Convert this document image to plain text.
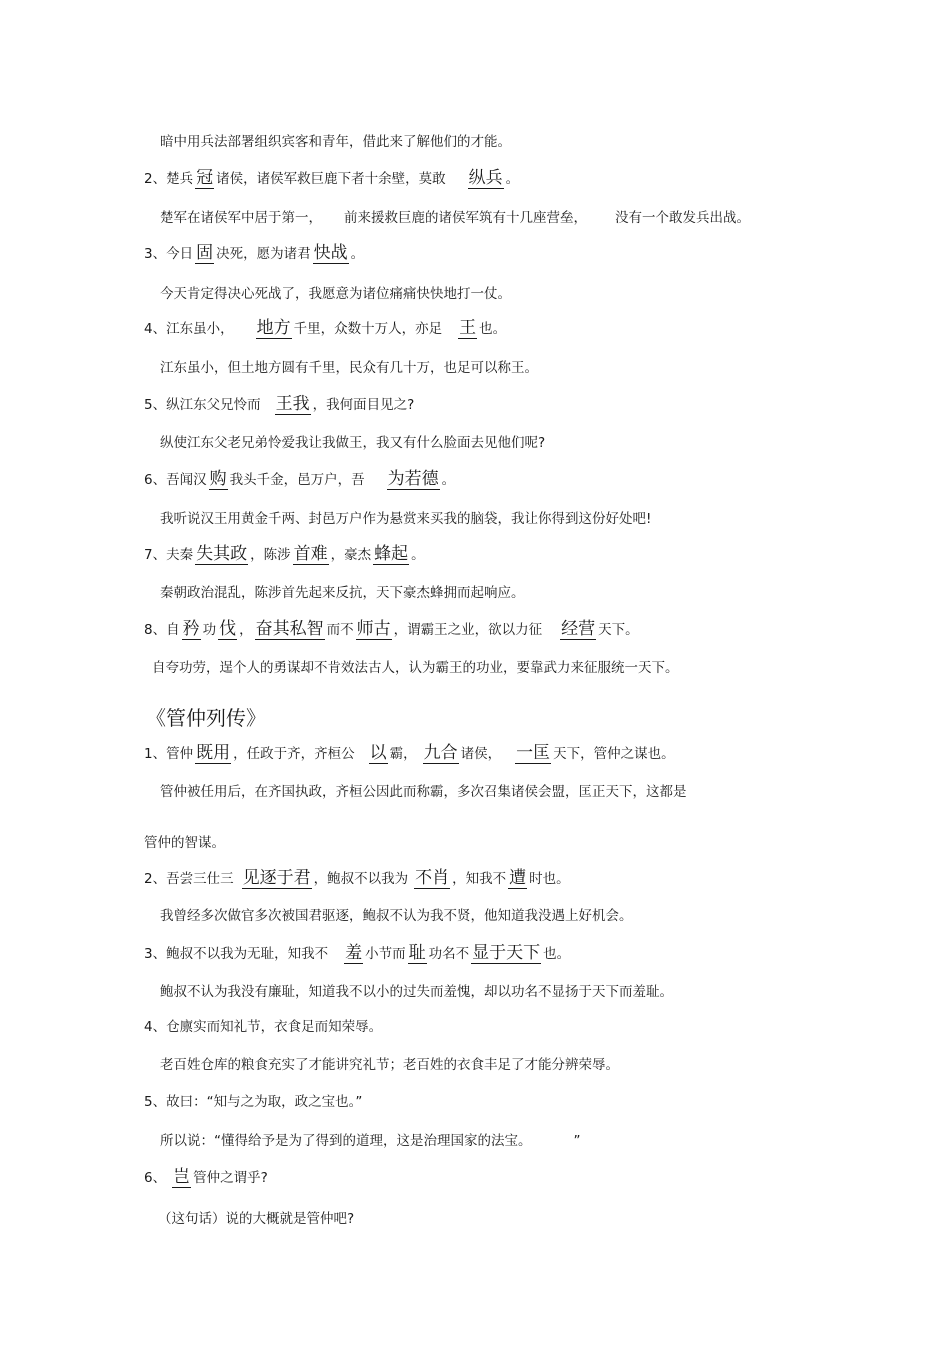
暗中用兵法部署组织宾客和青年，借此来了解他们的才能。
2、楚兵冠 诸侯，诸侯军救巨鹿下者十余壁，莫敢纵兵 。
楚军在诸侯军中居于第一， 前来援救巨鹿的诸侯军筑有十几座营垒， 没有一个敢发兵出战。
3、今日固 决死，愿为诸君快战 。
今天肯定得决心死战了，我愿意为诸位痛痛快快地打一仗。
4、江东虽小， 地方 千里，众数十万人，亦足王 也。
江东虽小，但土地方圆有千里，民众有几十万，也足可以称王。
5、纵江东父兄怜而王我 ，我何面目见之?
纵使江东父老兄弟怜爱我让我做王，我又有什么脸面去见他们呢?
6、吾闻汉购 我头千金，邑万户，吾为若德 。
我听说汉王用黄金千两、封邑万户作为悬赏来买我的脑袋，我让你得到这份好处吧!
7、夫秦失其政 ，陈涉首难 ，豪杰蜂起 。
秦朝政治混乱，陈涉首先起来反抗，天下豪杰蜂拥而起响应。
8、自矜 功伐 ， 奋其私智 而不师古 ，谓霸王之业，欲以力征经营 天下。
自夸功劳，逞个人的勇谋却不肯效法古人，认为霸王的功业，要靠武力来征服统一天下。
《管仲列传》
1、管仲既用 ，任政于齐，齐桓公以 霸， 九合 诸侯， 一匡 天下，管仲之谋也。
管仲被任用后，在齐国执政，齐桓公因此而称霸，多次召集诸侯会盟，匡正天下，这都是
管仲的智谋。
2、吾尝三仕三见逐于君 ，鲍叔不以我为不肖 ，知我不遭 时也。
我曾经多次做官多次被国君驱逐，鲍叔不认为我不贤，他知道我没遇上好机会。
3、鲍叔不以我为无耻，知我不羞 小节而耻 功名不显于天下 也。
鲍叔不认为我没有廉耻，知道我不以小的过失而羞愧，却以功名不显扬于天下而羞耻。
4、仓廪实而知礼节，衣食足而知荣辱。
老百姓仓库的粮食充实了才能讲究礼节；老百姓的衣食丰足了才能分辨荣辱。
5、故曰：“知与之为取，政之宝也。”
所以说：“懂得给予是为了得到的道理，这是治理国家的法宝。	”
6、 岂 管仲之谓乎?
（这句话）说的大概就是管仲吧?
